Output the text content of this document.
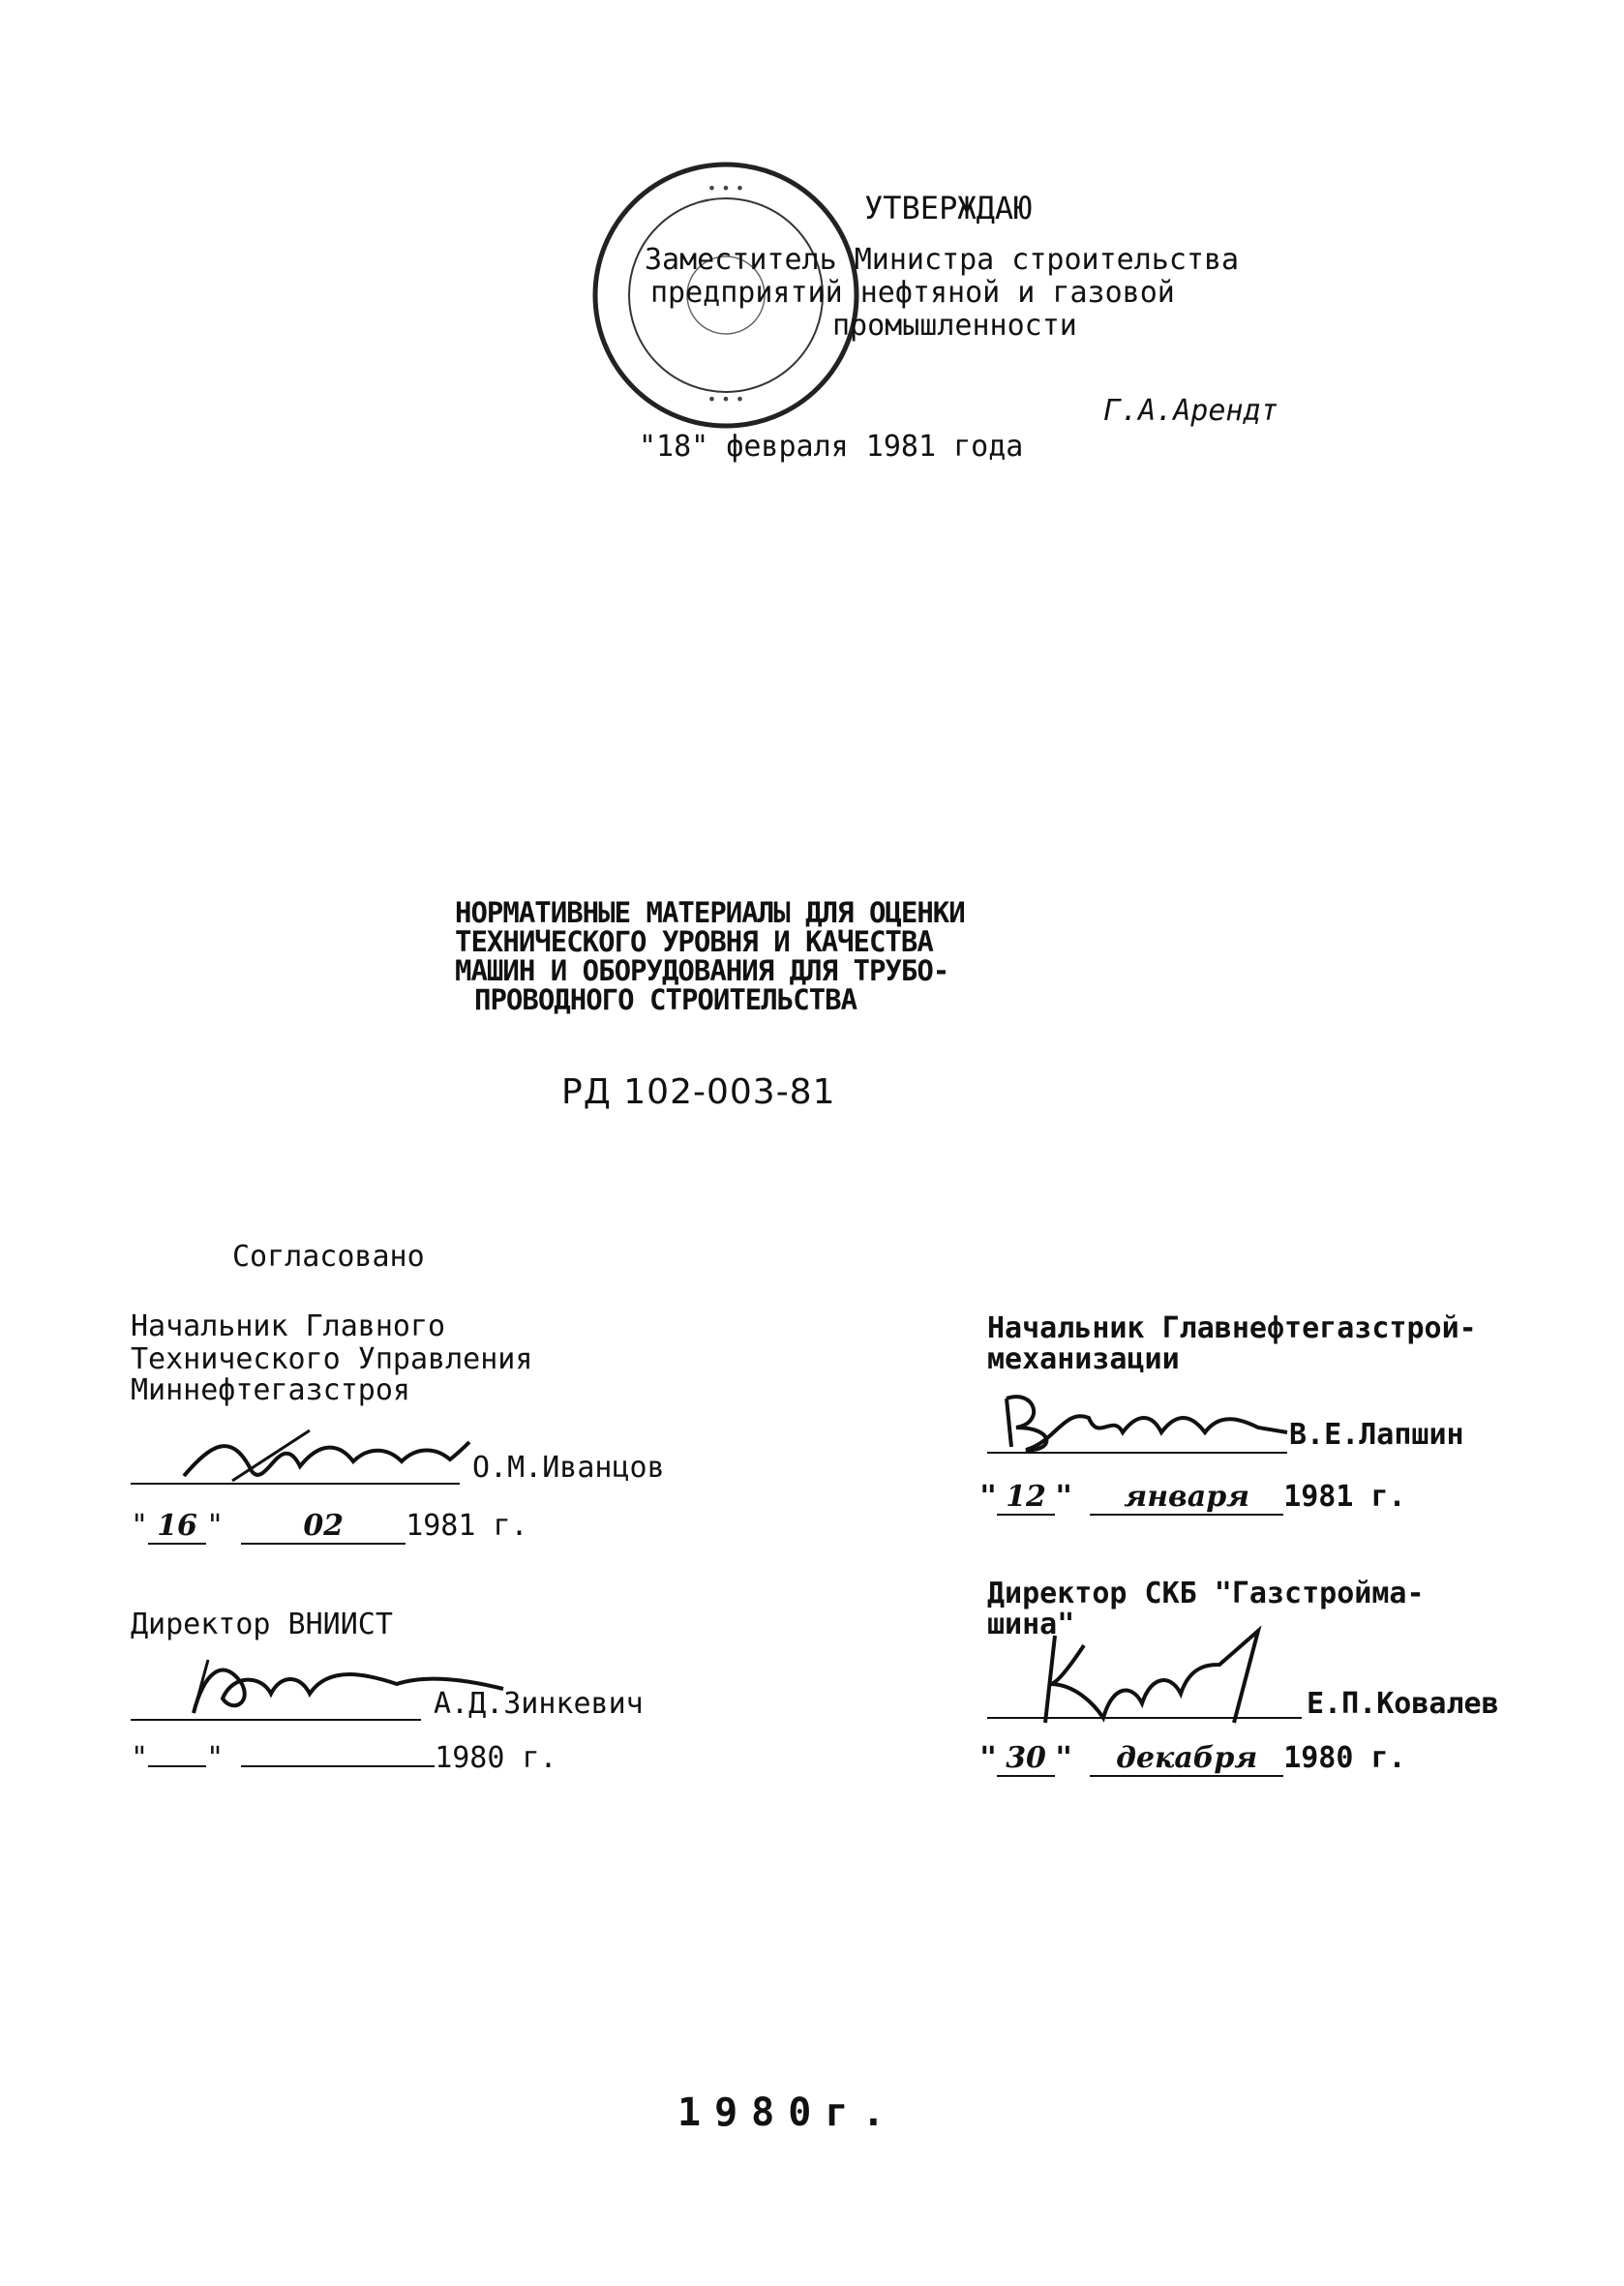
• • •
• • •
УТВЕРЖДАЮ
Заместитель Министра строительства
предприятий нефтяной и газовой
промышленности
Г.А.Арендт
"18" февраля 1981 года
НОРМАТИВНЫЕ МАТЕРИАЛЫ ДЛЯ ОЦЕНКИ
ТЕХНИЧЕСКОГО УРОВНЯ И КАЧЕСТВА
МАШИН И ОБОРУДОВАНИЯ ДЛЯ ТРУБО-
ПРОВОДНОГО СТРОИТЕЛЬСТВА
РД 102-003-81
Согласовано
Начальник Главного
Технического Управления
Миннефтегазстроя
О.М.Иванцов
" 16 "	02 1981 г.
Директор ВНИИСТ
А.Д.Зинкевич
" "	1980 г.
Начальник Главнефтегазстрой-
механизации
В.Е.Лапшин
" 12 " января 1981 г.
Директор СКБ "Газстроймa-
шина"
Е.П.Ковалев
" 30 " декабря 1980 г.
1980г.
